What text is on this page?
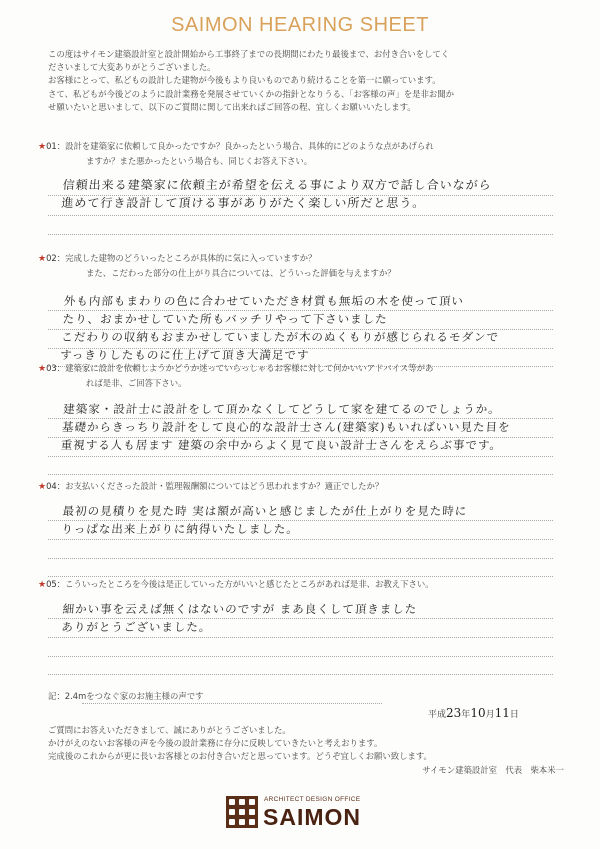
SAIMON HEARING SHEET

この度はサイモン建築設計室と設計開始から工事終了までの長期間にわたり最後まで、お付き合いをしてく

ださいまして大変ありがとうございました。

お客様にとって、私どもの設計した建物が今後もより良いものであり続けることを第一に願っています。

さて、私どもが今後どのように設計業務を発展させていくかの指針となりうる、「お客様の声」を是非お聞か

せ願いたいと思いまして、以下のご質問に関して出来ればご回答の程、宜しくお願いいたします。

★01：設計を建築家に依頼して良かったですか？良かったという場合、具体的にどのような点があげられ
ますか？また悪かったという場合も、同じくお答え下さい。
信頼出来る建築家に依頼主が希望を伝える事により双方で話し合いながら
進めて行き設計して頂ける事がありがたく楽しい所だと思う。
★02：完成した建物のどういったところが具体的に気に入っていますか？
また、こだわった部分の仕上がり具合については、どういった評価を与えますか？
外も内部もまわりの色に合わせていただき材質も無垢の木を使って頂い
たり、おまかせしていた所もバッチリやって下さいました
こだわりの収納もおまかせしていましたが木のぬくもりが感じられるモダンで
すっきりしたものに仕上げて頂き大満足です
★03：建築家に設計を依頼しようかどうか迷っていらっしゃるお客様に対して何かいいアドバイス等があ
れば是非、ご回答下さい。
建築家・設計士に設計をして頂かなくしてどうして家を建てるのでしょうか。
基礎からきっちり設計をして良心的な設計士さん(建築家)もいればいい見た目を
重視する人も居ます 建築の余中からよく見て良い設計士さんをえらぶ事です。
★04：お支払いくださった設計・監理報酬額についてはどう思われますか？適正でしたか？
最初の見積りを見た時 実は額が高いと感じましたが仕上がりを見た時に
りっぱな出来上がりに納得いたしました。
★05：こういったところを今後は是正していった方がいいと感じたところがあれば是非、お教え下さい。
細かい事を云えば無くはないのですが まあ良くして頂きました
ありがとうございました。
記：2.4mをつなぐ家のお施主様の声です
平成23年10月11日

ご質問にお答えいただきまして、誠にありがとうございました。

かけがえのないお客様の声を今後の設計業務に存分に反映していきたいと考えおります。

完成後のこれからが更に長いお客様とのお付き合いだと思っています。どうぞ宜しくお願い致します。

サイモン建築設計室　代表　柴本米一

ARCHITECT DESIGN OFFICE
SAIMON
